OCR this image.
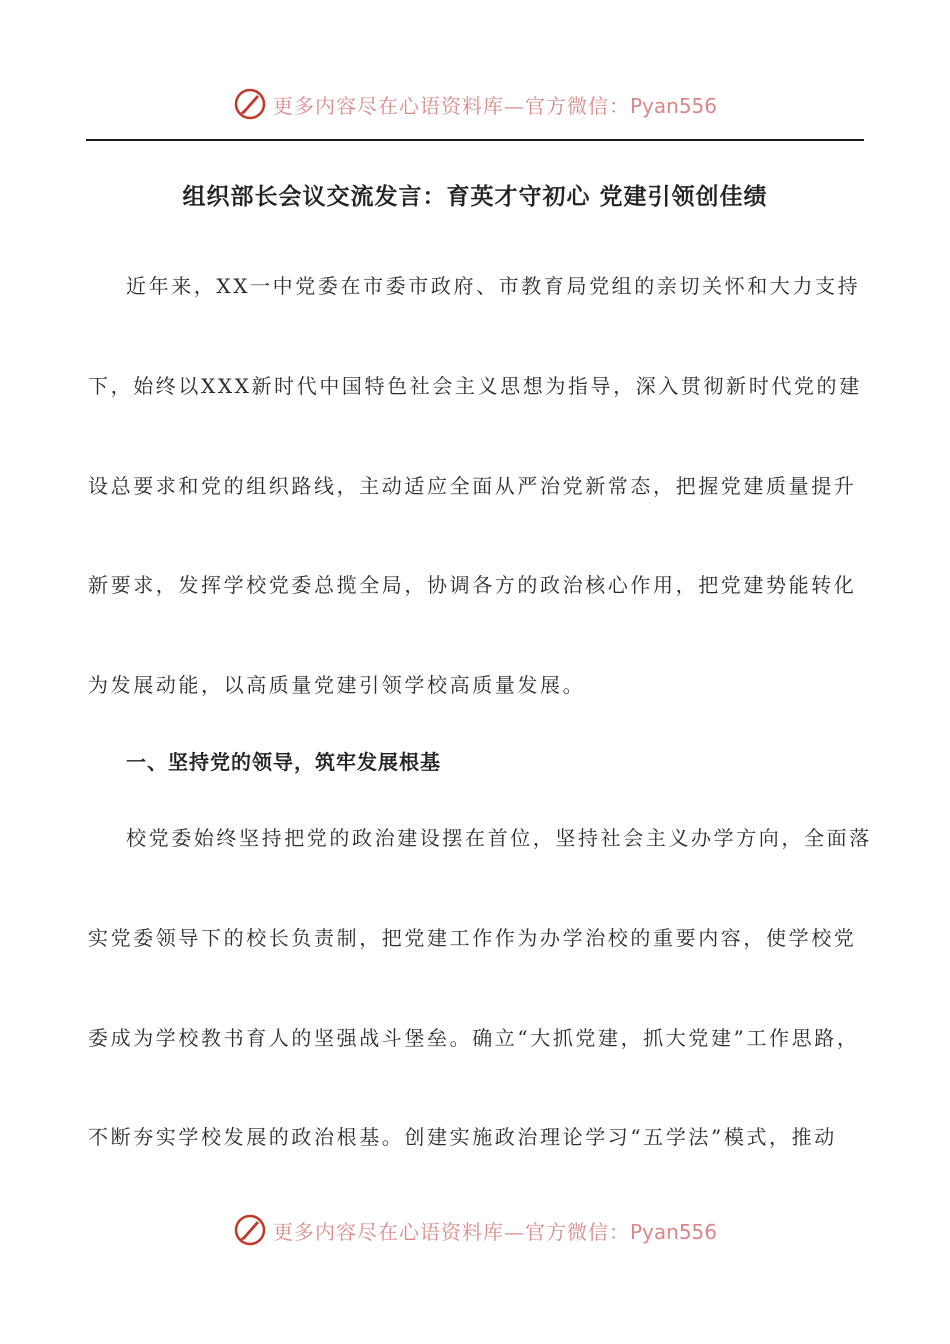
更多内容尽在心语资料库—官方微信：Pyan556
组织部长会议交流发言：育英才守初心 党建引领创佳绩
近年来，XX一中党委在市委市政府、市教育局党组的亲切关怀和大力支持
下，始终以XXX新时代中国特色社会主义思想为指导，深入贯彻新时代党的建
设总要求和党的组织路线，主动适应全面从严治党新常态，把握党建质量提升
新要求，发挥学校党委总揽全局，协调各方的政治核心作用，把党建势能转化
为发展动能，以高质量党建引领学校高质量发展。
一、坚持党的领导，筑牢发展根基
校党委始终坚持把党的政治建设摆在首位，坚持社会主义办学方向，全面落
实党委领导下的校长负责制，把党建工作作为办学治校的重要内容，使学校党
委成为学校教书育人的坚强战斗堡垒。确立“大抓党建，抓大党建”工作思路，
不断夯实学校发展的政治根基。创建实施政治理论学习“五学法”模式，推动
更多内容尽在心语资料库—官方微信：Pyan556
